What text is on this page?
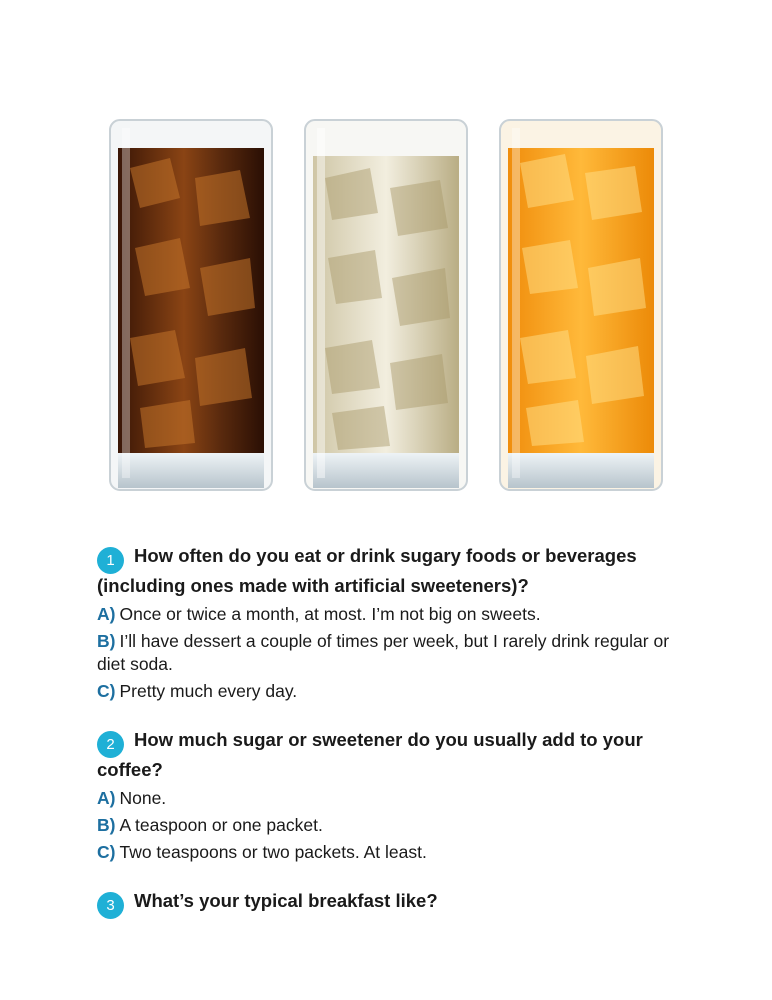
1 How often do you eat or drink sugary foods or beverages (including ones made with artificial sweeteners)?
A) Once or twice a month, at most. I’m not big on sweets.
B) I’ll have dessert a couple of times per week, but I rarely drink regular or diet soda.
C) Pretty much every day.
2 How much sugar or sweetener do you usually add to your coffee?
A) None.
B) A teaspoon or one packet.
C) Two teaspoons or two packets. At least.
3 What’s your typical breakfast like?
